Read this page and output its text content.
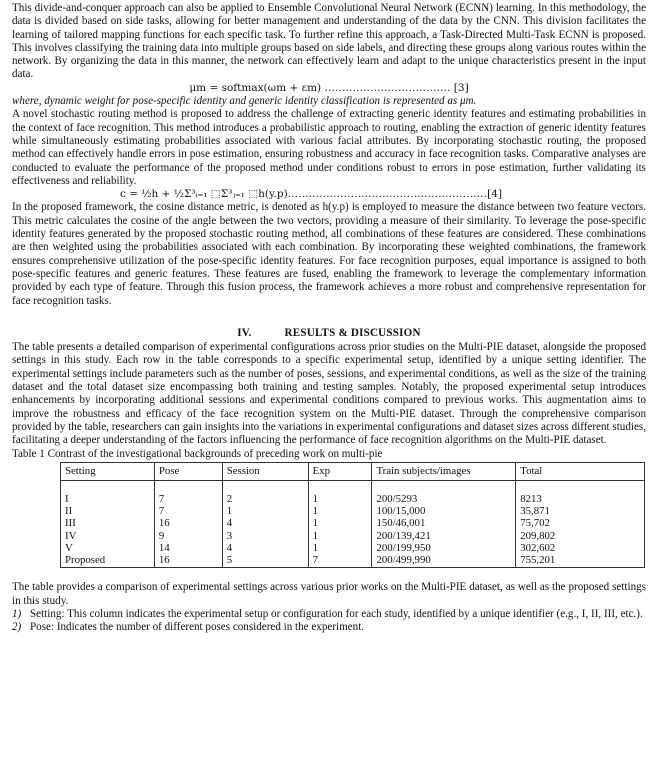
This divide-and-conquer approach can also be applied to Ensemble Convolutional Neural Network (ECNN) learning. In this methodology, the data is divided based on side tasks, allowing for better management and understanding of the data by the CNN. This division facilitates the learning of tailored mapping functions for each specific task. To further refine this approach, a Task-Directed Multi-Task ECNN is proposed. This involves classifying the training data into multiple groups based on side labels, and directing these groups along various routes within the network. By organizing the data in this manner, the network can effectively learn and adapt to the unique characteristics present in the input data.

μm = softmax(ωm + εm) ……………………………… [3]

where, dynamic weight for pose-specific identity and generic identity classification is represented as μm.

A novel stochastic routing method is proposed to address the challenge of extracting generic identity features and estimating probabilities in the context of face recognition. This method introduces a probabilistic approach to routing, enabling the extraction of generic identity features while simultaneously estimating probabilities associated with various facial attributes. By incorporating stochastic routing, the proposed method can effectively handle errors in pose estimation, ensuring robustness and accuracy in face recognition tasks. Comparative analyses are conducted to evaluate the performance of the proposed method under conditions robust to errors in pose estimation, further validating its effectiveness and reliability.

c = ½h + ½Σ³ᵢ₌₁ ⬚Σ³ⱼ₌₁ ⬚h(y.p)…………………………………………………[4]

In the proposed framework, the cosine distance metric, is denoted as h(y.p) is employed to measure the distance between two feature vectors. This metric calculates the cosine of the angle between the two vectors, providing a measure of their similarity. To leverage the pose-specific identity features generated by the proposed stochastic routing method, all combinations of these features are considered. These combinations are then weighted using the probabilities associated with each combination. By incorporating these weighted combinations, the framework ensures comprehensive utilization of the pose-specific identity features. For face recognition purposes, equal importance is assigned to both pose-specific features and generic features. These features are fused, enabling the framework to leverage the complementary information provided by each type of feature. Through this fusion process, the framework achieves a more robust and comprehensive representation for face recognition tasks.

IV.	RESULTS & DISCUSSION

The table presents a detailed comparison of experimental configurations across prior studies on the Multi-PIE dataset, alongside the proposed settings in this study. Each row in the table corresponds to a specific experimental setup, identified by a unique setting identifier. The experimental settings include parameters such as the number of poses, sessions, and experimental conditions, as well as the size of the training dataset and the total dataset size encompassing both training and testing samples. Notably, the proposed experimental setup introduces enhancements by incorporating additional sessions and experimental conditions compared to previous works. This augmentation aims to improve the robustness and efficacy of the face recognition system on the Multi-PIE dataset. Through the comprehensive comparison provided by the table, researchers can gain insights into the variations in experimental configurations and dataset sizes across different studies, facilitating a deeper understanding of the factors influencing the performance of face recognition algorithms on the Multi-PIE dataset.

Table 1 Contrast of the investigational backgrounds of preceding work on multi-pie

Setting	Pose	Session	Exp	Train subjects/images	Total
I	7	2	1	200/5293	8213
II	7	1	1	100/15,000	35,871
III	16	4	1	150/46,001	75,702
IV	9	3	1	200/139,421	209,802
V	14	4	1	200/199,950	302,602
Proposed	16	5	7	200/499,990	755,201

The table provides a comparison of experimental settings across various prior works on the Multi-PIE dataset, as well as the proposed settings in this study.

1) Setting: This column indicates the experimental setup or configuration for each study, identified by a unique identifier (e.g., I, II, III, etc.).
2) Pose: Indicates the number of different poses considered in the experiment.
